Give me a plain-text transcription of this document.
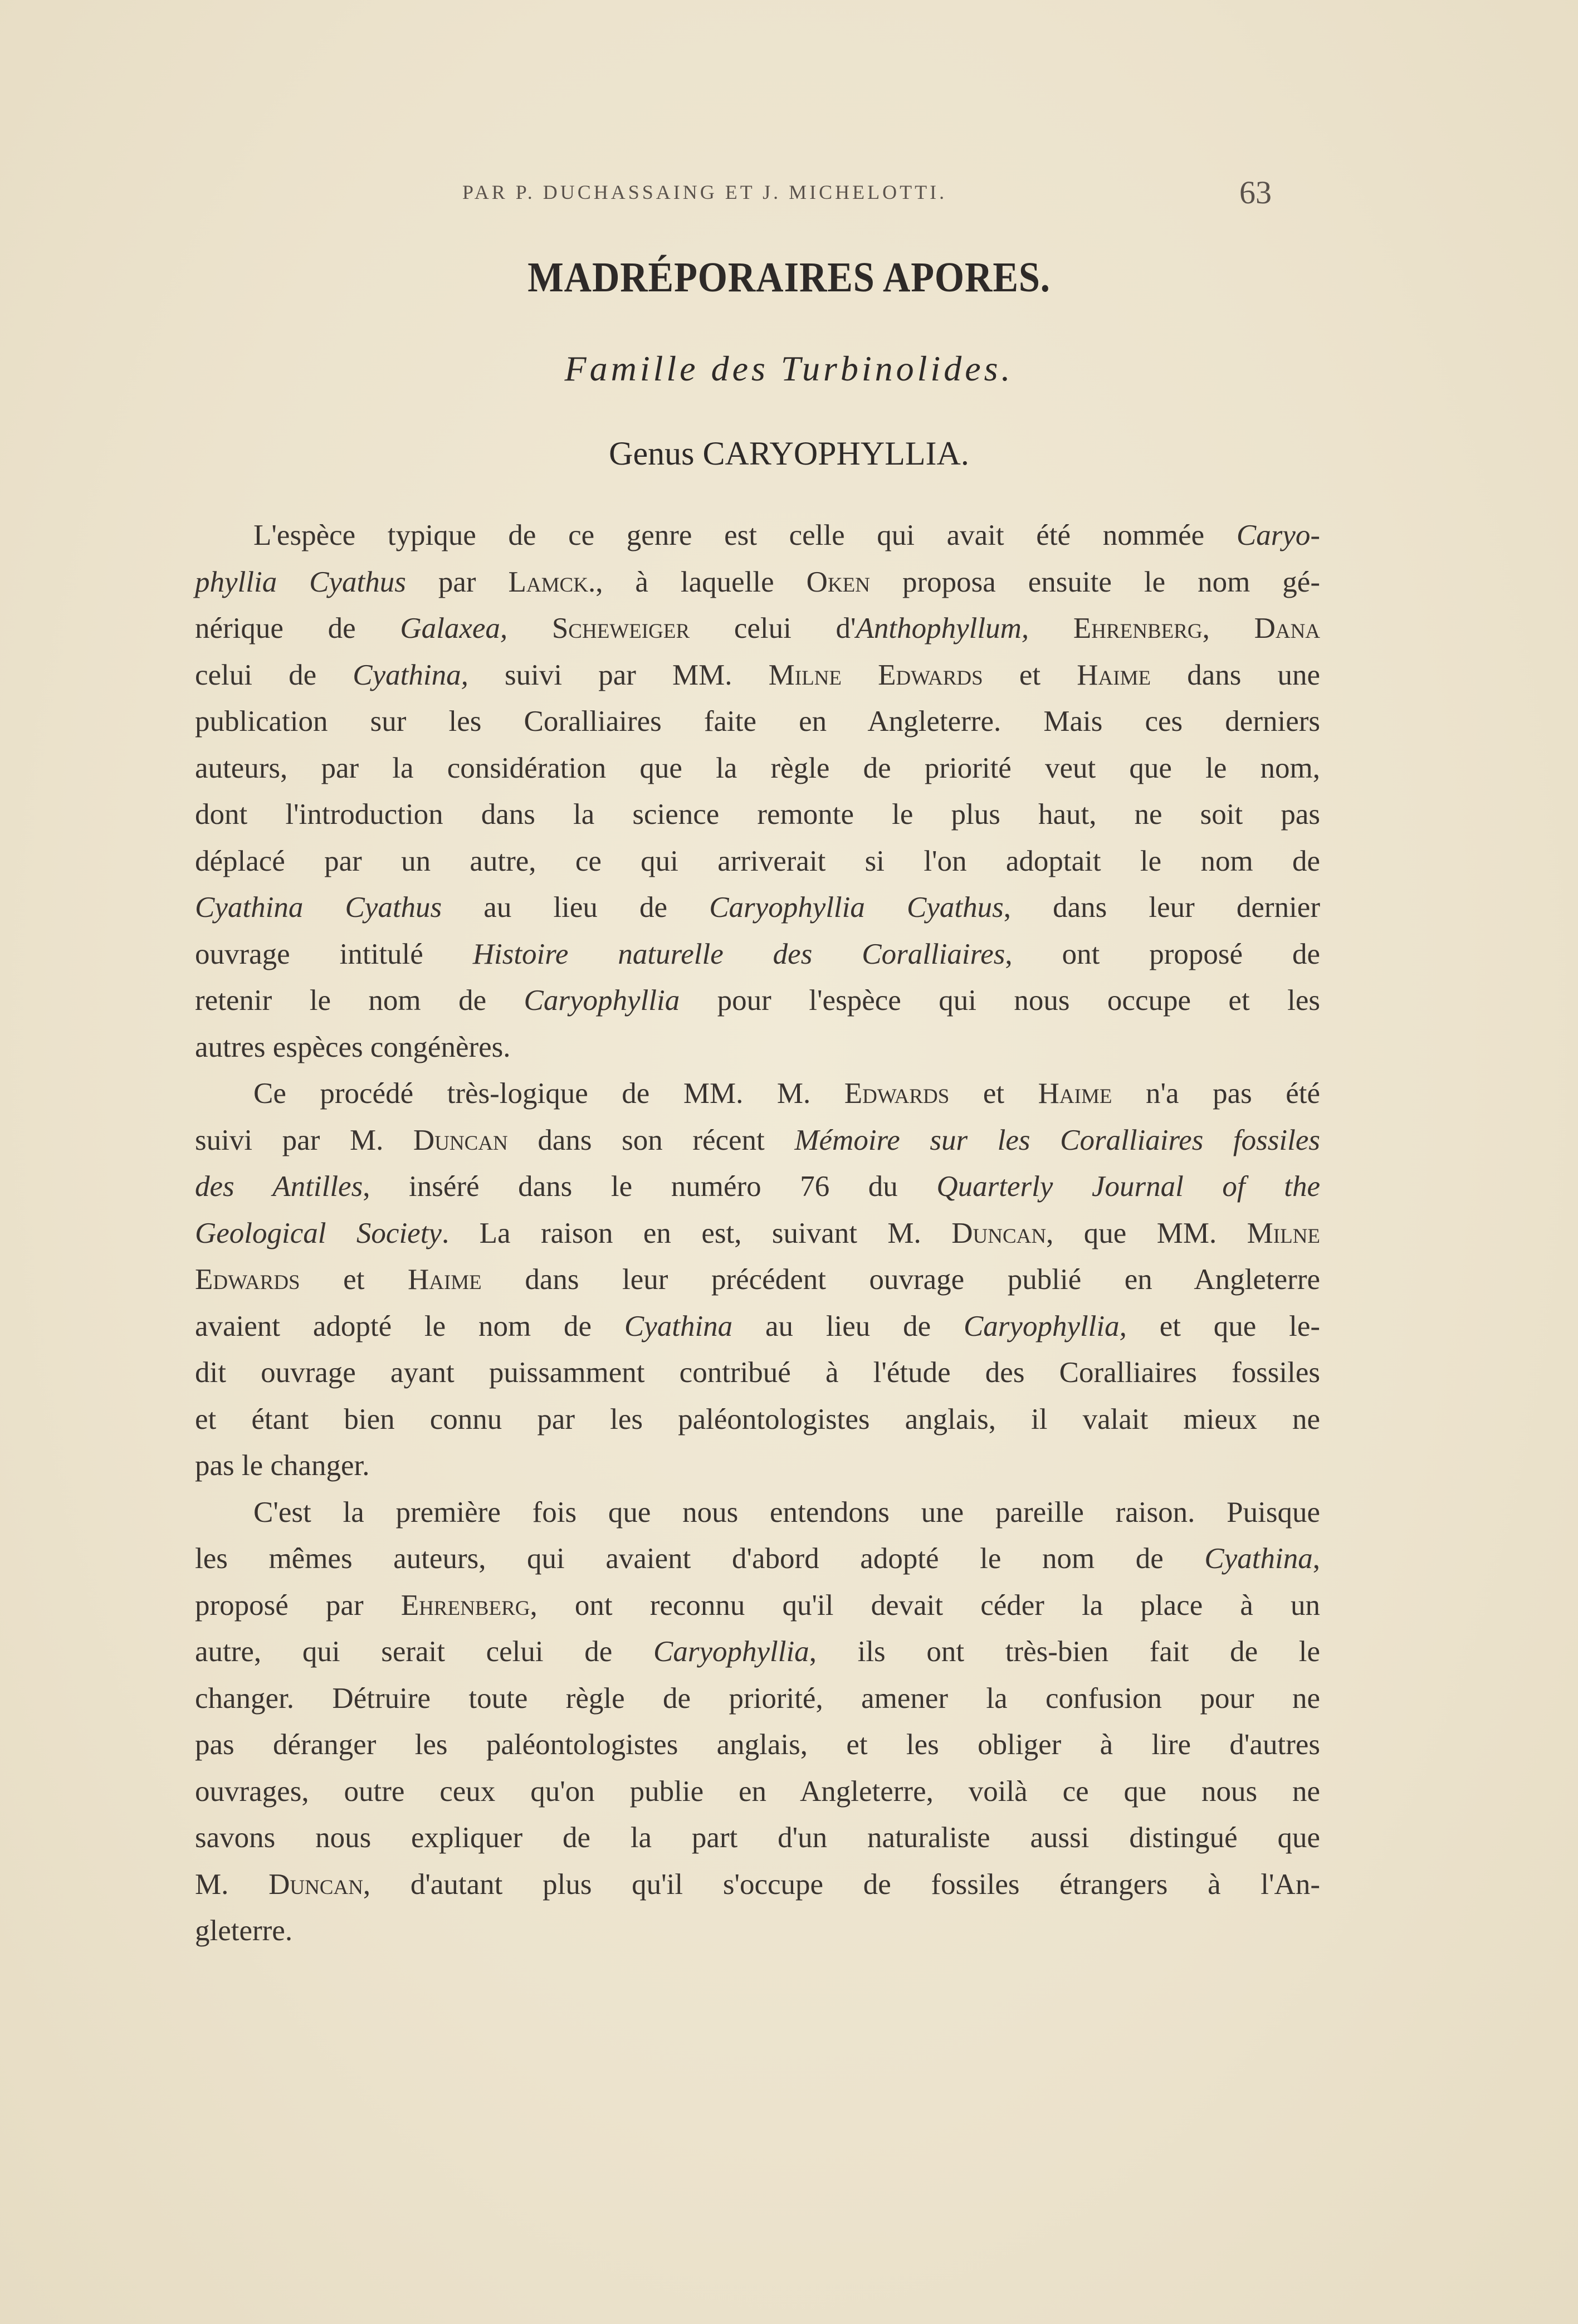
PAR P. DUCHASSAING ET J. MICHELOTTI.	63
MADRÉPORAIRES APORES.
Famille des Turbinolides.
Genus CARYOPHYLLIA.
L'espèce typique de ce genre est celle qui avait été nommée Caryo-
phyllia Cyathus par Lamck., à laquelle Oken proposa ensuite le nom gé-
nérique de Galaxea, Scheweiger celui d'Anthophyllum, Ehrenberg, Dana
celui de Cyathina, suivi par MM. Milne Edwards et Haime dans une
publication sur les Coralliaires faite en Angleterre. Mais ces derniers
auteurs, par la considération que la règle de priorité veut que le nom,
dont l'introduction dans la science remonte le plus haut, ne soit pas
déplacé par un autre, ce qui arriverait si l'on adoptait le nom de
Cyathina Cyathus au lieu de Caryophyllia Cyathus, dans leur dernier
ouvrage intitulé Histoire naturelle des Coralliaires, ont proposé de
retenir le nom de Caryophyllia pour l'espèce qui nous occupe et les
autres espèces congénères.
Ce procédé très-logique de MM. M. Edwards et Haime n'a pas été
suivi par M. Duncan dans son récent Mémoire sur les Coralliaires fossiles
des Antilles, inséré dans le numéro 76 du Quarterly Journal of the
Geological Society. La raison en est, suivant M. Duncan, que MM. Milne
Edwards et Haime dans leur précédent ouvrage publié en Angleterre
avaient adopté le nom de Cyathina au lieu de Caryophyllia, et que le-
dit ouvrage ayant puissamment contribué à l'étude des Coralliaires fossiles
et étant bien connu par les paléontologistes anglais, il valait mieux ne
pas le changer.
C'est la première fois que nous entendons une pareille raison. Puisque
les mêmes auteurs, qui avaient d'abord adopté le nom de Cyathina,
proposé par Ehrenberg, ont reconnu qu'il devait céder la place à un
autre, qui serait celui de Caryophyllia, ils ont très-bien fait de le
changer. Détruire toute règle de priorité, amener la confusion pour ne
pas déranger les paléontologistes anglais, et les obliger à lire d'autres
ouvrages, outre ceux qu'on publie en Angleterre, voilà ce que nous ne
savons nous expliquer de la part d'un naturaliste aussi distingué que
M. Duncan, d'autant plus qu'il s'occupe de fossiles étrangers à l'An-
gleterre.
